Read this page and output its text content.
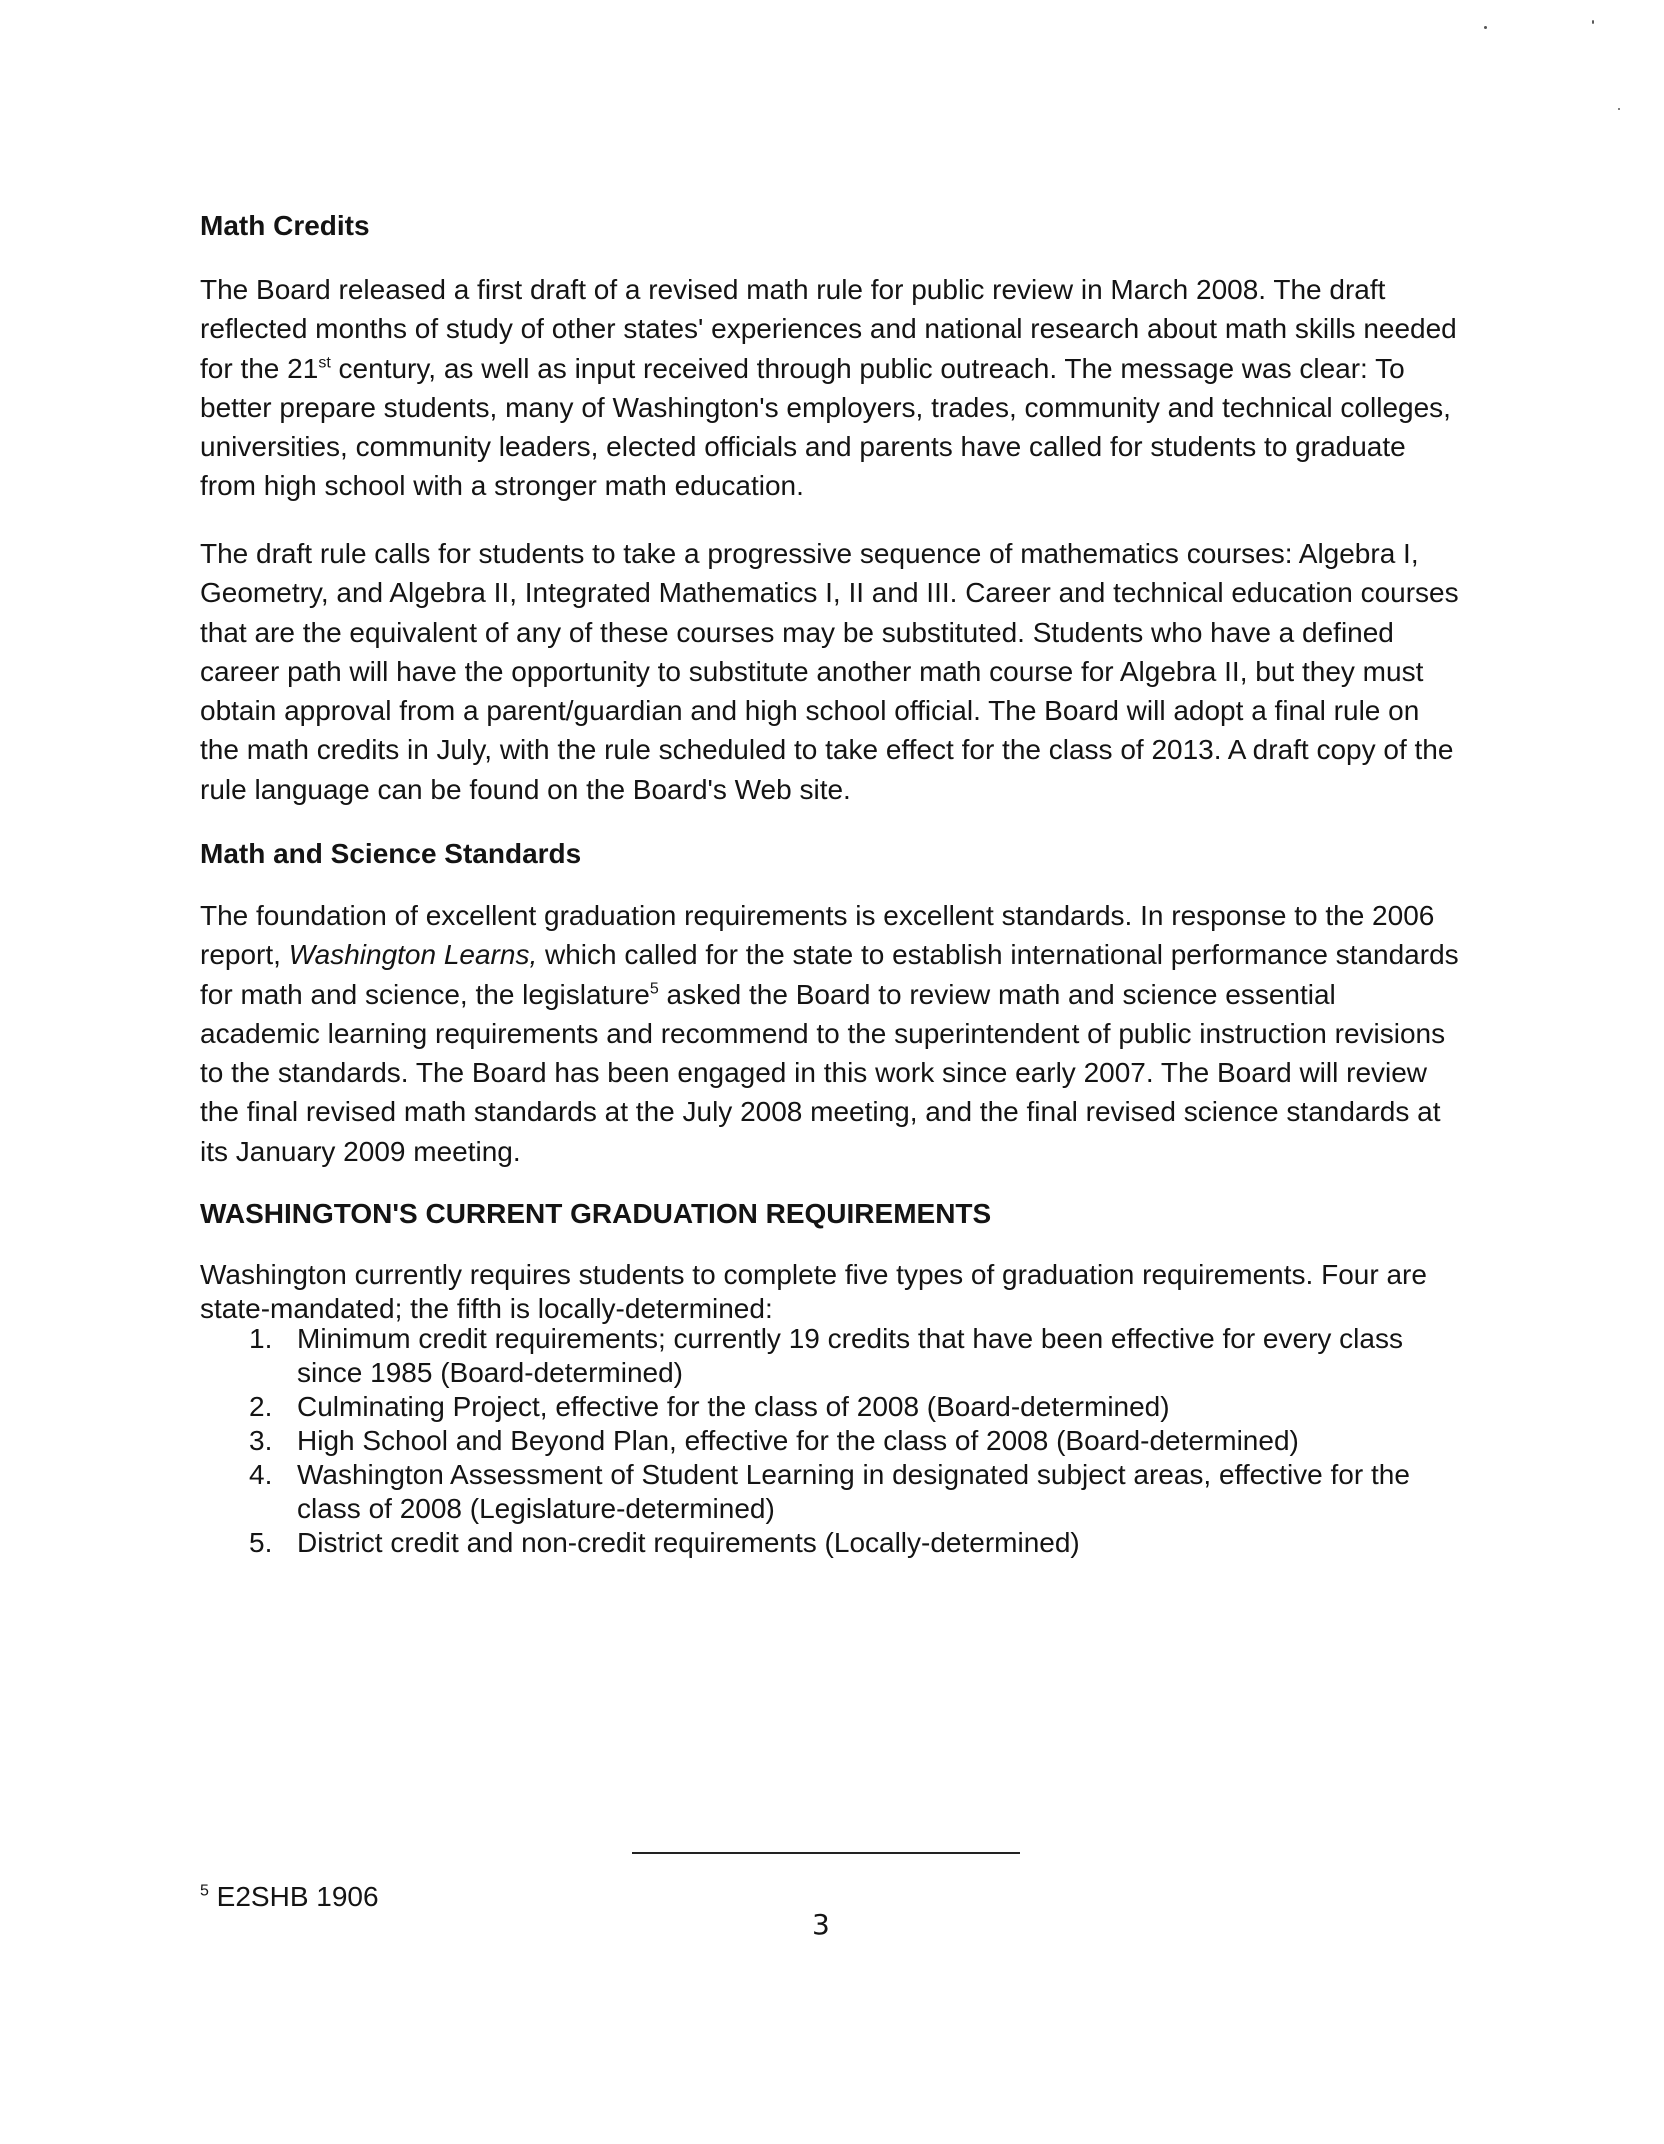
Math Credits

The Board released a first draft of a revised math rule for public review in March 2008. The draft reflected months of study of other states' experiences and national research about math skills needed for the 21st century, as well as input received through public outreach. The message was clear: To better prepare students, many of Washington's employers, trades, community and technical colleges, universities, community leaders, elected officials and parents have called for students to graduate from high school with a stronger math education.

The draft rule calls for students to take a progressive sequence of mathematics courses: Algebra I, Geometry, and Algebra II, Integrated Mathematics I, II and III. Career and technical education courses that are the equivalent of any of these courses may be substituted. Students who have a defined career path will have the opportunity to substitute another math course for Algebra II, but they must obtain approval from a parent/guardian and high school official. The Board will adopt a final rule on the math credits in July, with the rule scheduled to take effect for the class of 2013. A draft copy of the rule language can be found on the Board's Web site.

Math and Science Standards

The foundation of excellent graduation requirements is excellent standards. In response to the 2006 report, Washington Learns, which called for the state to establish international performance standards for math and science, the legislature$^5$ asked the Board to review math and science essential academic learning requirements and recommend to the superintendent of public instruction revisions to the standards. The Board has been engaged in this work since early 2007. The Board will review the final revised math standards at the July 2008 meeting, and the final revised science standards at its January 2009 meeting.

WASHINGTON'S CURRENT GRADUATION REQUIREMENTS

Washington currently requires students to complete five types of graduation requirements. Four are state-mandated; the fifth is locally-determined:

1. Minimum credit requirements; currently 19 credits that have been effective for every class since 1985 (Board-determined)
2. Culminating Project, effective for the class of 2008 (Board-determined)
3. High School and Beyond Plan, effective for the class of 2008 (Board-determined)
4. Washington Assessment of Student Learning in designated subject areas, effective for the class of 2008 (Legislature-determined)
5. District credit and non-credit requirements (Locally-determined)
$^5$ E2SHB 1906
3
